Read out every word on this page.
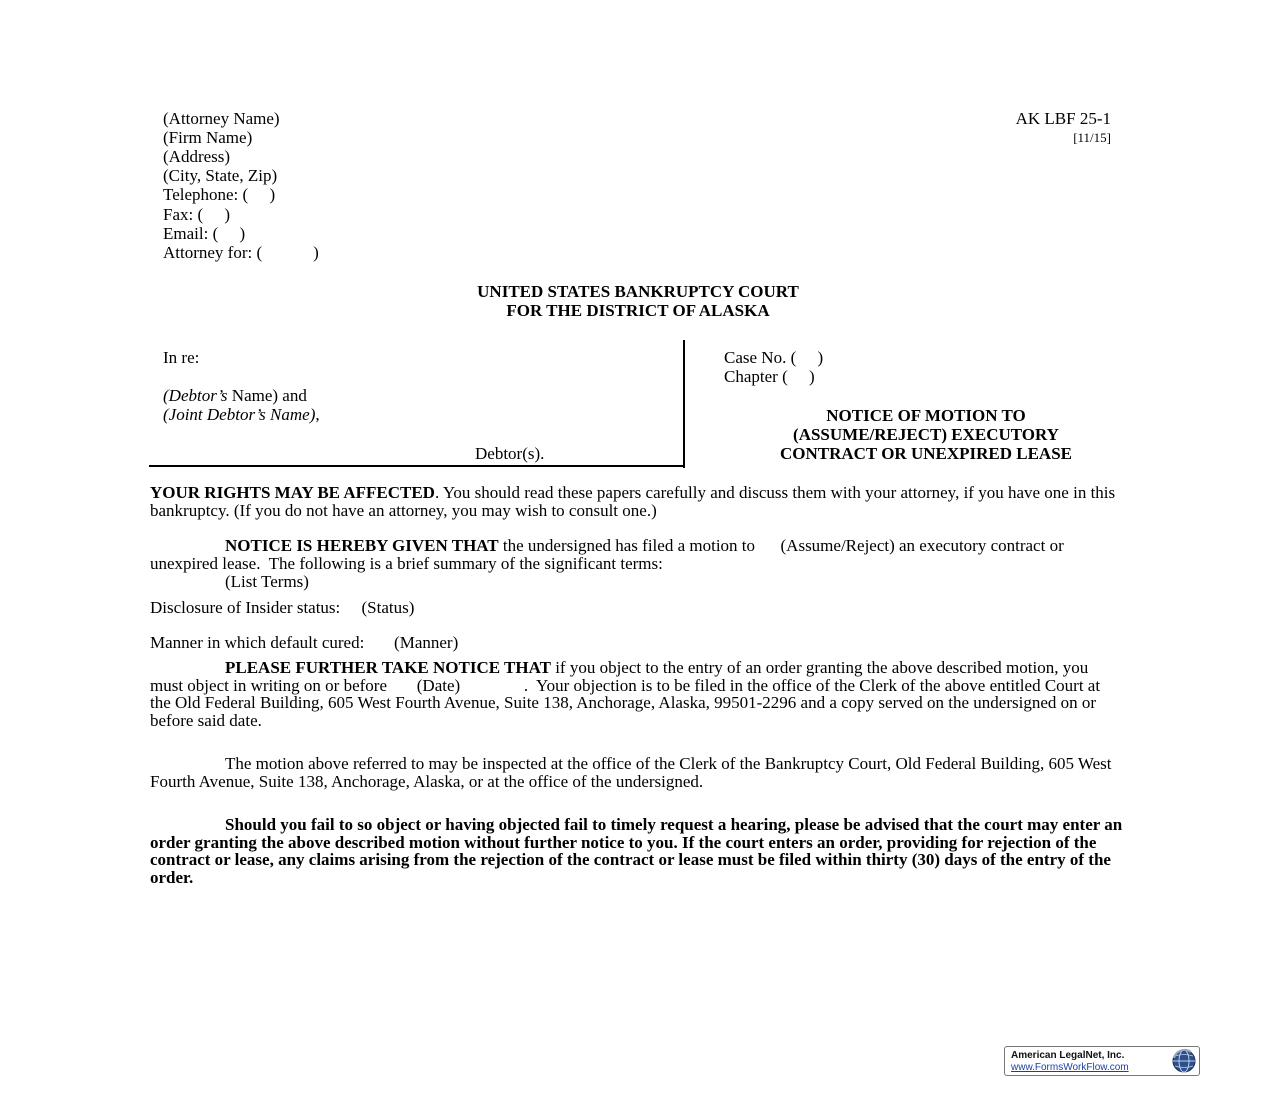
(Attorney Name)
(Firm Name)
(Address)
(City, State, Zip)
Telephone: (     )
Fax: (     )
Email: (     )
Attorney for: (            )
AK LBF 25-1
[11/15]
UNITED STATES BANKRUPTCY COURT
FOR THE DISTRICT OF ALASKA
In re:
(Debtor’s Name) and
(Joint Debtor’s Name),
Debtor(s).
Case No. (     )
Chapter (     )
NOTICE OF MOTION TO
(ASSUME/REJECT) EXECUTORY
CONTRACT OR UNEXPIRED LEASE
YOUR RIGHTS MAY BE AFFECTED. You should read these papers carefully and discuss them with your attorney, if you have one in this bankruptcy. (If you do not have an attorney, you may wish to consult one.)
NOTICE IS HEREBY GIVEN THAT the undersigned has filed a motion to      (Assume/Reject) an executory contract or unexpired lease.  The following is a brief summary of the significant terms:
(List Terms)
Disclosure of Insider status:     (Status)
Manner in which default cured:       (Manner)
PLEASE FURTHER TAKE NOTICE THAT if you object to the entry of an order granting the above described motion, you must object in writing on or before       (Date)               .  Your objection is to be filed in the office of the Clerk of the above entitled Court at the Old Federal Building, 605 West Fourth Avenue, Suite 138, Anchorage, Alaska, 99501-2296 and a copy served on the undersigned on or before said date.
The motion above referred to may be inspected at the office of the Clerk of the Bankruptcy Court, Old Federal Building, 605 West Fourth Avenue, Suite 138, Anchorage, Alaska, or at the office of the undersigned.
Should you fail to so object or having objected fail to timely request a hearing, please be advised that the court may enter an order granting the above described motion without further notice to you. If the court enters an order, providing for rejection of the contract or lease, any claims arising from the rejection of the contract or lease must be filed within thirty (30) days of the entry of the order.
American LegalNet, Inc.
www.FormsWorkFlow.com
